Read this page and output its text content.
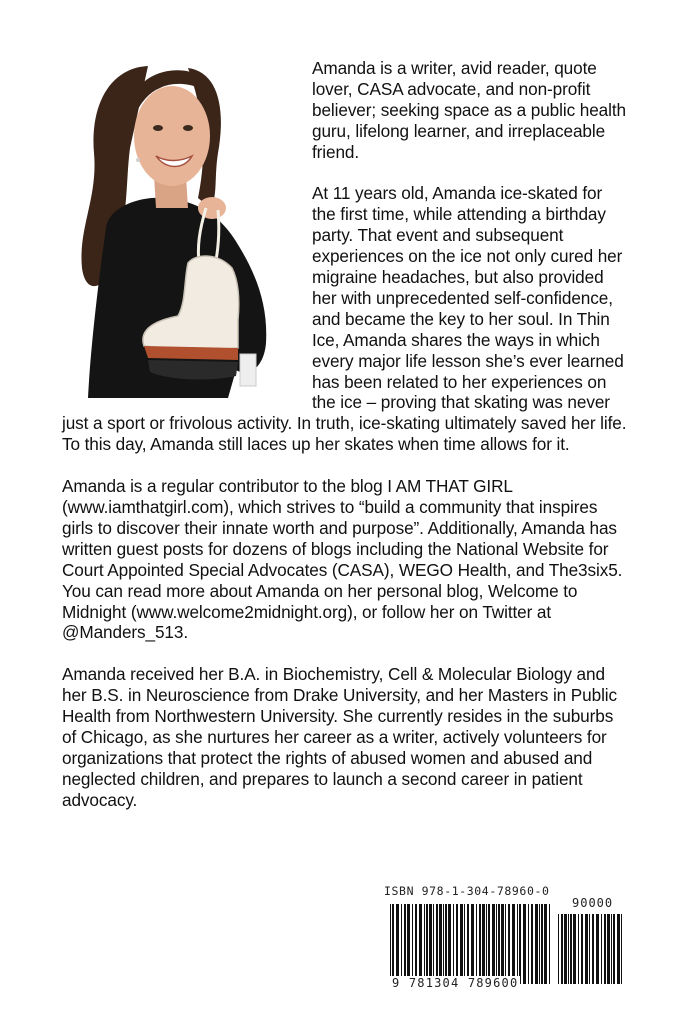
Amanda is a writer, avid reader, quote lover, CASA advocate, and non-profit believer; seeking space as a public health guru, lifelong learner, and irreplaceable friend.

At 11 years old, Amanda ice-skated for the first time, while attending a birthday party. That event and subsequent experiences on the ice not only cured her migraine headaches, but also provided her with unprecedented self-confidence, and became the key to her soul. In Thin Ice, Amanda shares the ways in which every major life lesson she’s ever learned has been related to her experiences on the ice – proving that skating was never just a sport or frivolous activity. In truth, ice-skating ultimately saved her life. To this day, Amanda still laces up her skates when time allows for it.

Amanda is a regular contributor to the blog I AM THAT GIRL (www.iamthatgirl.com), which strives to “build a community that inspires girls to discover their innate worth and purpose”. Additionally, Amanda has written guest posts for dozens of blogs including the National Website for Court Appointed Special Advocates (CASA), WEGO Health, and The3six5. You can read more about Amanda on her personal blog, Welcome to Midnight (www.welcome2midnight.org), or follow her on Twitter at @Manders_513.

Amanda received her B.A. in Biochemistry, Cell & Molecular Biology and her B.S. in Neuroscience from Drake University, and her Masters in Public Health from Northwestern University. She currently resides in the suburbs of Chicago, as she nurtures her career as a writer, actively volunteers for organizations that protect the rights of abused women and abused and neglected children, and prepares to launch a second career in patient advocacy.

ISBN 978-1-304-78960-0
90000
9 781304 789600
